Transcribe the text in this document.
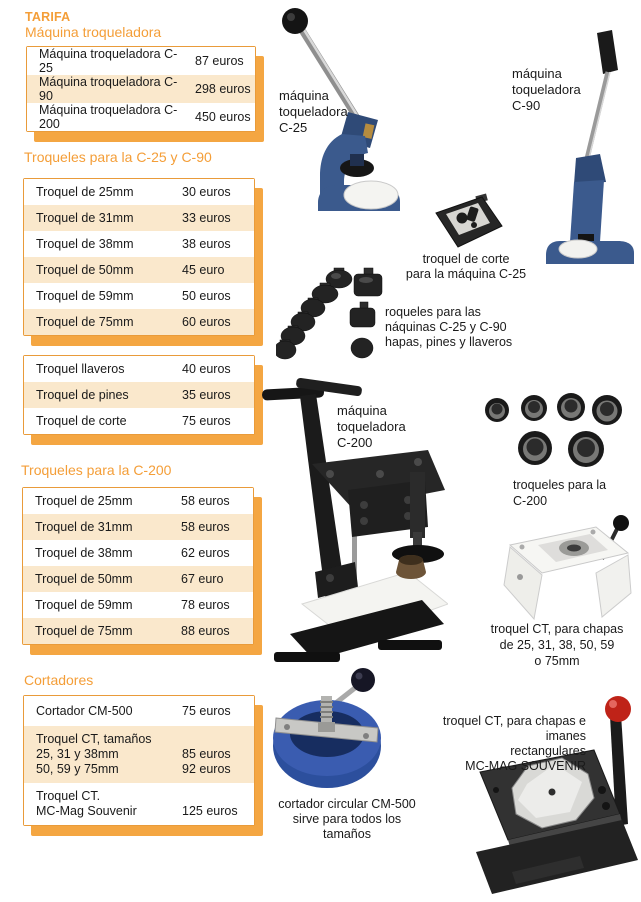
TARIFA
Máquina troqueladora
Máquina troqueladora C-25	87 euros
Máquina troqueladora C-90	298 euros
Máquina troqueladora C-200	450 euros
Troqueles para la C-25 y C-90
Troquel de 25mm	30 euros
Troquel de 31mm	33 euros
Troquel de 38mm	38 euros
Troquel de 50mm	45 euro
Troquel de 59mm	50 euros
Troquel de 75mm	60 euros
Troquel llaveros	40 euros
Troquel de pines	35 euros
Troquel de corte	75 euros
Troqueles para la C-200
Troquel de 25mm	58 euros
Troquel de 31mm	58 euros
Troquel de 38mm	62 euros
Troquel de 50mm	67 euro
Troquel de 59mm	78 euros
Troquel de 75mm	88 euros
Cortadores
Cortador CM-500	75 euros
Troquel CT, tamaños
25, 31 y 38mm	85 euros
50, 59 y 75mm	92 euros
Troquel CT.
MC-Mag Souvenir	125 euros
máquina
toqueladora
C-25
máquina
toqueladora
C-90
troquel de corte
para la máquina C-25
roqueles para las
náquinas C-25 y C-90
hapas, pines y llaveros
máquina
toqueladora
C-200
troqueles para la
C-200
troquel CT, para chapas
de 25, 31, 38, 50, 59
o 75mm
cortador circular CM-500
sirve para todos los tamaños
troquel CT, para chapas e imanes
rectangulares
MC-MAG SOUVENIR
